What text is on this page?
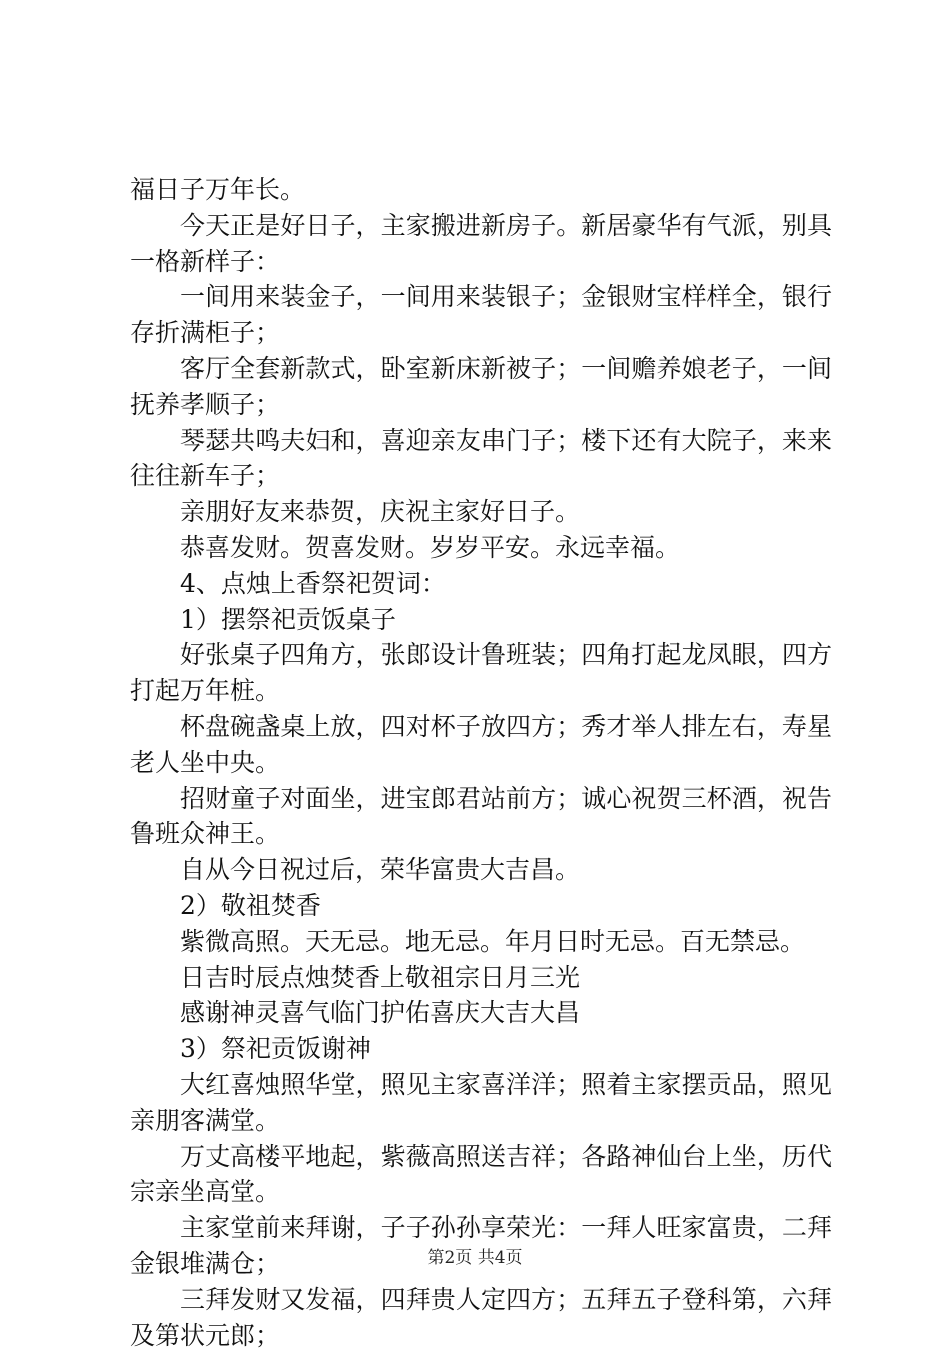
福日子万年长。

今天正是好日子，主家搬进新房子。新居豪华有气派，别具一格新样子：

一间用来装金子，一间用来装银子；金银财宝样样全，银行存折满柜子；

客厅全套新款式，卧室新床新被子；一间赡养娘老子，一间抚养孝顺子；

琴瑟共鸣夫妇和，喜迎亲友串门子；楼下还有大院子，来来往往新车子；

亲朋好友来恭贺，庆祝主家好日子。

恭喜发财。贺喜发财。岁岁平安。永远幸福。

4、点烛上香祭祀贺词：

1）摆祭祀贡饭桌子

好张桌子四角方，张郎设计鲁班装；四角打起龙凤眼，四方打起万年桩。

杯盘碗盏桌上放，四对杯子放四方；秀才举人排左右，寿星老人坐中央。

招财童子对面坐，进宝郎君站前方；诚心祝贺三杯酒，祝告鲁班众神王。

自从今日祝过后，荣华富贵大吉昌。

2）敬祖焚香

紫微高照。天无忌。地无忌。年月日时无忌。百无禁忌。

日吉时辰点烛焚香上敬祖宗日月三光

感谢神灵喜气临门护佑喜庆大吉大昌

3）祭祀贡饭谢神

大红喜烛照华堂，照见主家喜洋洋；照着主家摆贡品，照见亲朋客满堂。

万丈高楼平地起，紫薇高照送吉祥；各路神仙台上坐，历代宗亲坐高堂。

主家堂前来拜谢，子子孙孙享荣光：一拜人旺家富贵，二拜金银堆满仓；

三拜发财又发福，四拜贵人定四方；五拜五子登科第，六拜及第状元郎；

第2页 共4页
